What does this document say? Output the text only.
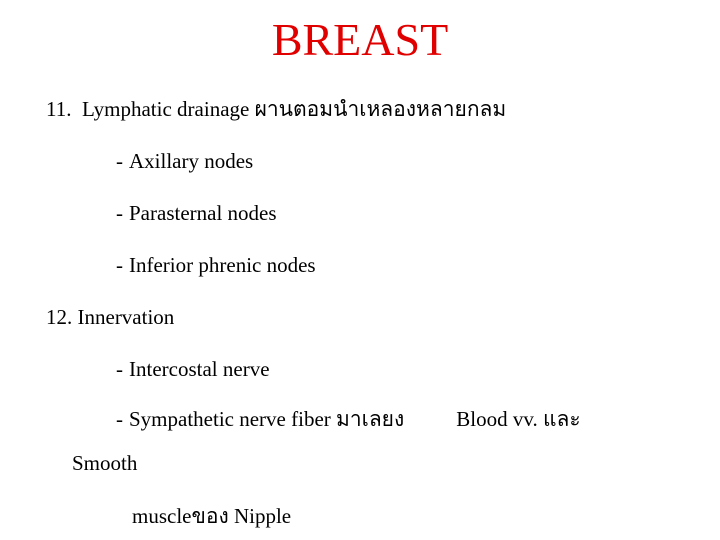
BREAST
11. Lymphatic drainage ผานตอมนำเหลองหลายกลม
- Axillary nodes
- Parasternal nodes
- Inferior phrenic nodes
12. Innervation
- Intercostal nerve
- Sympathetic nerve fiber มาเลยง Blood vv. และ
Smooth
muscleของ Nipple
